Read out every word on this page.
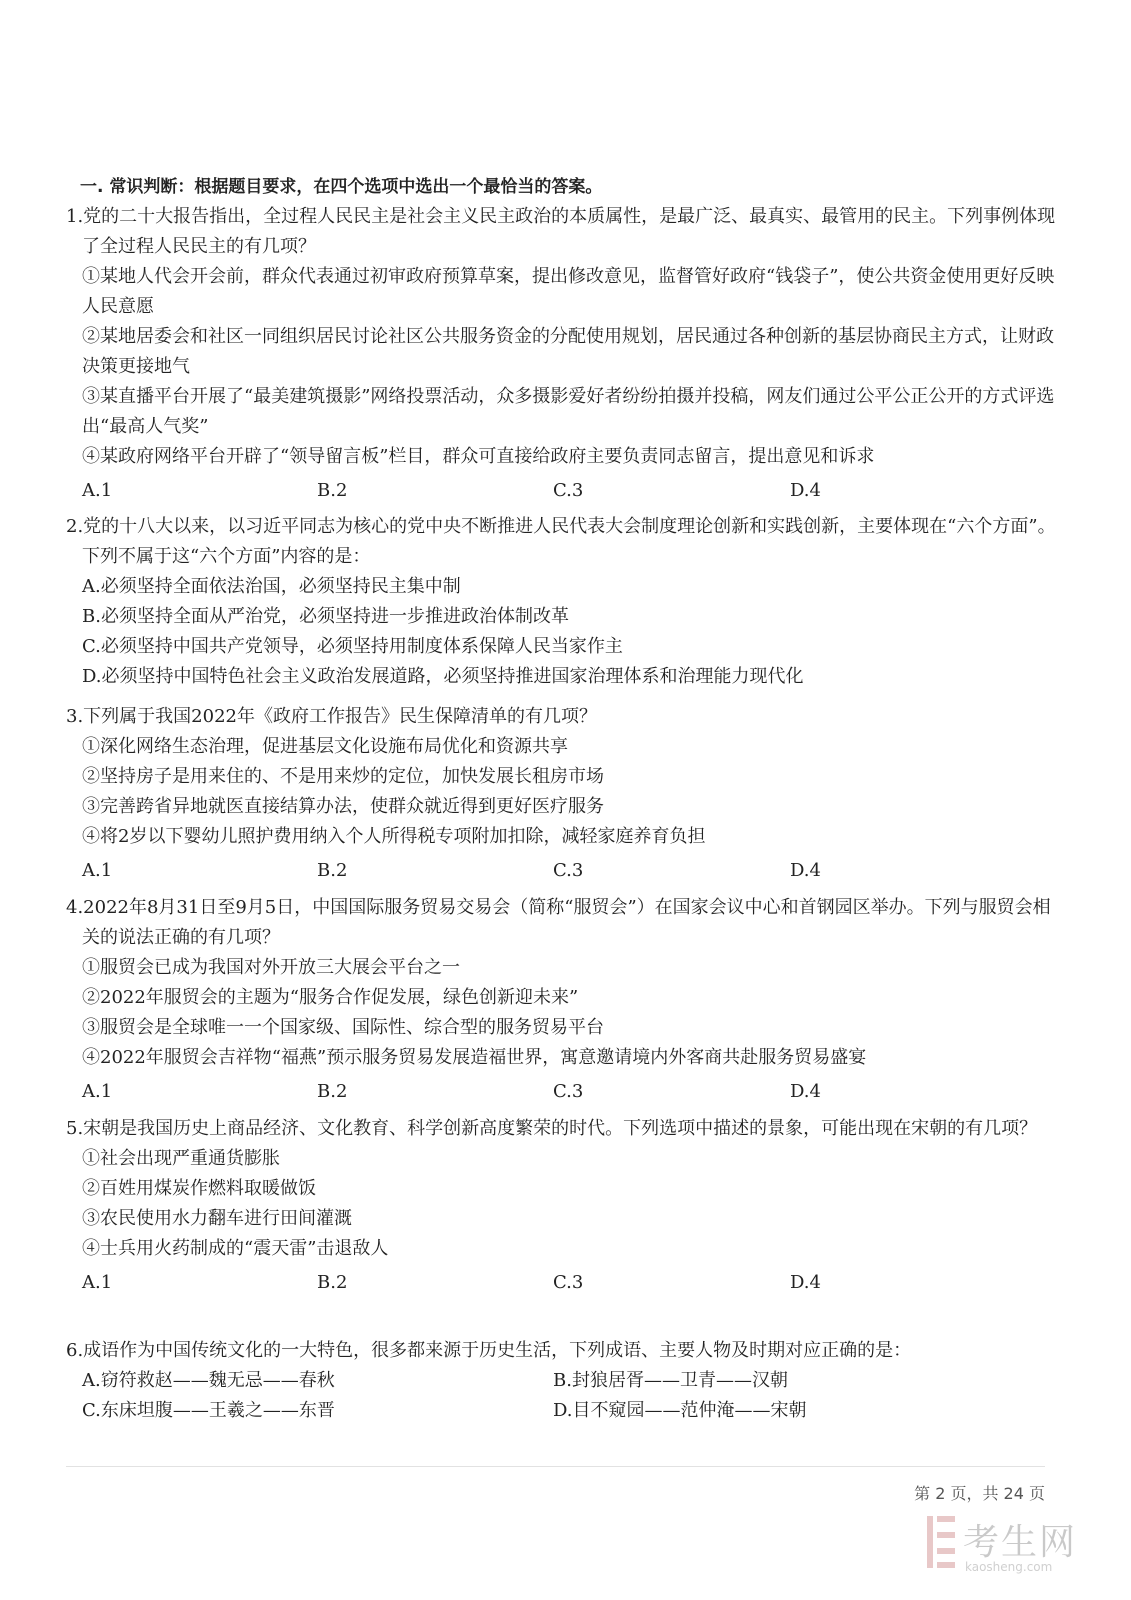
一. 常识判断：根据题目要求，在四个选项中选出一个最恰当的答案。
1.党的二十大报告指出，全过程人民民主是社会主义民主政治的本质属性，是最广泛、最真实、最管用的民主。下列事例体现了全过程人民民主的有几项？
①某地人代会开会前，群众代表通过初审政府预算草案，提出修改意见，监督管好政府“钱袋子”，使公共资金使用更好反映人民意愿
②某地居委会和社区一同组织居民讨论社区公共服务资金的分配使用规划，居民通过各种创新的基层协商民主方式，让财政决策更接地气
③某直播平台开展了“最美建筑摄影”网络投票活动，众多摄影爱好者纷纷拍摄并投稿，网友们通过公平公正公开的方式评选出“最高人气奖”
④某政府网络平台开辟了“领导留言板”栏目，群众可直接给政府主要负责同志留言，提出意见和诉求
A.1	B.2	C.3	D.4
2.党的十八大以来，以习近平同志为核心的党中央不断推进人民代表大会制度理论创新和实践创新，主要体现在“六个方面”。下列不属于这“六个方面”内容的是：
A.必须坚持全面依法治国，必须坚持民主集中制
B.必须坚持全面从严治党，必须坚持进一步推进政治体制改革
C.必须坚持中国共产党领导，必须坚持用制度体系保障人民当家作主
D.必须坚持中国特色社会主义政治发展道路，必须坚持推进国家治理体系和治理能力现代化
3.下列属于我国2022年《政府工作报告》民生保障清单的有几项？
①深化网络生态治理，促进基层文化设施布局优化和资源共享
②坚持房子是用来住的、不是用来炒的定位，加快发展长租房市场
③完善跨省异地就医直接结算办法，使群众就近得到更好医疗服务
④将2岁以下婴幼儿照护费用纳入个人所得税专项附加扣除，减轻家庭养育负担
A.1	B.2	C.3	D.4
4.2022年8月31日至9月5日，中国国际服务贸易交易会（简称“服贸会”）在国家会议中心和首钢园区举办。下列与服贸会相关的说法正确的有几项？
①服贸会已成为我国对外开放三大展会平台之一
②2022年服贸会的主题为“服务合作促发展，绿色创新迎未来”
③服贸会是全球唯一一个国家级、国际性、综合型的服务贸易平台
④2022年服贸会吉祥物“福燕”预示服务贸易发展造福世界，寓意邀请境内外客商共赴服务贸易盛宴
A.1	B.2	C.3	D.4
5.宋朝是我国历史上商品经济、文化教育、科学创新高度繁荣的时代。下列选项中描述的景象，可能出现在宋朝的有几项？
①社会出现严重通货膨胀
②百姓用煤炭作燃料取暖做饭
③农民使用水力翻车进行田间灌溉
④士兵用火药制成的“震天雷”击退敌人
A.1	B.2	C.3	D.4
6.成语作为中国传统文化的一大特色，很多都来源于历史生活，下列成语、主要人物及时期对应正确的是：
A.窃符救赵——魏无忌——春秋	B.封狼居胥——卫青——汉朝
C.东床坦腹——王羲之——东晋	D.目不窥园——范仲淹——宋朝
第 2 页，共 24 页
考生网
kaosheng.com
